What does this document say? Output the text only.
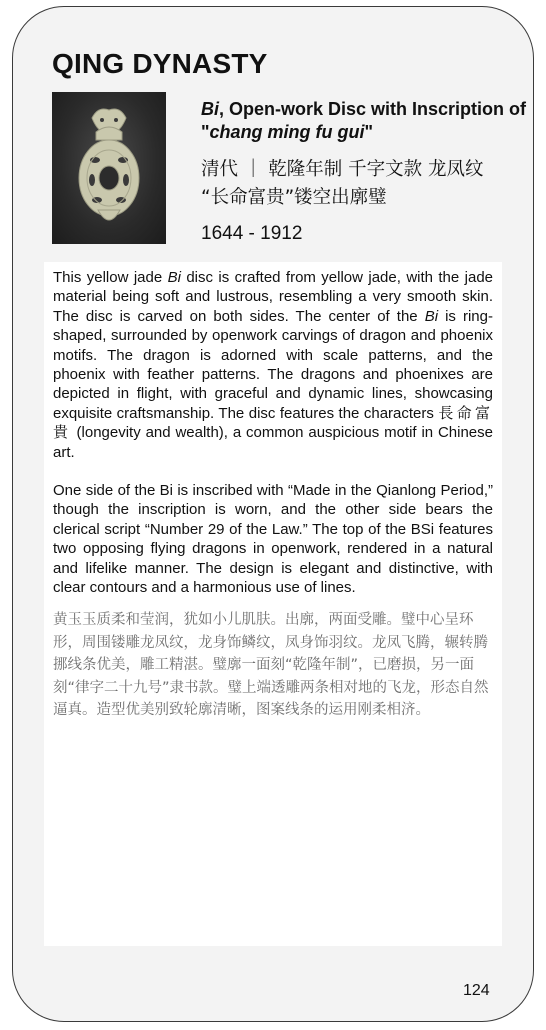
QING DYNASTY
Bi, Open-work Disc with Inscription of "chang ming fu gui"
清代 ｜ 乾隆年制 千字文款 龙凤纹
“长命富贵”镂空出廓璧
1644 - 1912

This yellow jade Bi disc is crafted from yellow jade, with the jade material being soft and lustrous, resembling a very smooth skin. The disc is carved on both sides. The center of the Bi is ring-shaped, surrounded by openwork carvings of dragon and phoenix motifs. The dragon is adorned with scale patterns, and the phoenix with feather patterns. The dragons and phoenixes are depicted in flight, with graceful and dynamic lines, showcasing exquisite craftsmanship. The disc features the characters 長命富貴 (longevity and wealth), a common auspicious motif in Chinese art.

One side of the Bi is inscribed with “Made in the Qianlong Period,” though the inscription is worn, and the other side bears the clerical script “Number 29 of the Law.” The top of the BSi features two opposing flying dragons in openwork, rendered in a natural and lifelike manner. The design is elegant and distinctive, with clear contours and a harmonious use of lines.

黄玉玉质柔和莹润，犹如小儿肌肤。出廓，两面受雕。璧中心呈环形，周围镂雕龙凤纹，龙身饰鳞纹，凤身饰羽纹。龙凤飞腾，辗转腾挪线条优美，雕工精湛。璧廓一面刻“乾隆年制”，已磨损，另一面刻“律字二十九号”隶书款。璧上端透雕两条相对地的飞龙，形态自然逼真。造型优美别致轮廓清晰，图案线条的运用刚柔相济。

124
